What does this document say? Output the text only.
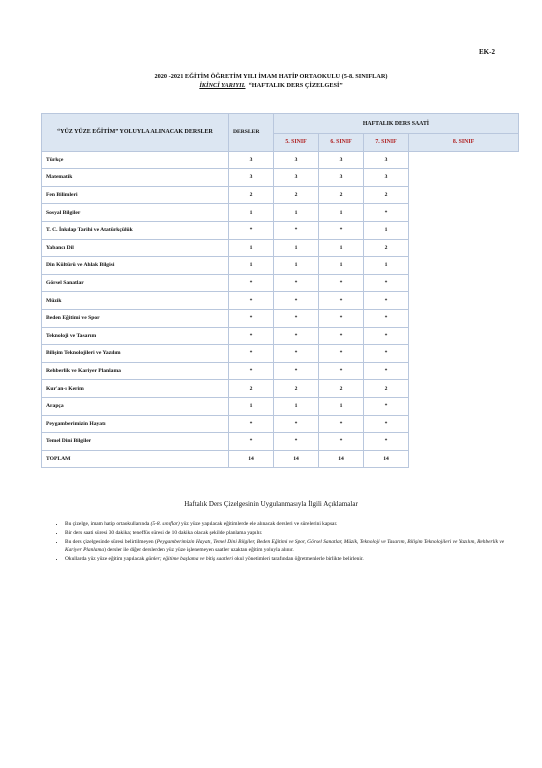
EK-2
2020 -2021 EĞİTİM ÖĞRETİM YILI İMAM HATİP ORTAOKULU (5-8. SINIFLAR)
İKİNCİ YARIYIL “HAFTALIK DERS ÇİZELGESİ”
“YÜZ YÜZE EĞİTİM” YOLUYLA ALINACAK DERSLER	DERSLER	HAFTALIK DERS SAATİ			
		5. SINIF	6. SINIF	7. SINIF	8. SINIF
Türkçe	3	3	3	3	
Matematik	3	3	3	3	
Fen Bilimleri	2	2	2	2	
Sosyal Bilgiler	1	1	1	*	
T. C. İnkılap Tarihi ve Atatürkçülük	*	*	*	1	
Yabancı Dil	1	1	1	2	
Din Kültürü ve Ahlak Bilgisi	1	1	1	1	
Görsel Sanatlar	*	*	*	*	
Müzik	*	*	*	*	
Beden Eğitimi ve Spor	*	*	*	*	
Teknoloji ve Tasarım	*	*	*	*	
Bilişim Teknolojileri ve Yazılım	*	*	*	*	
Rehberlik ve Kariyer Planlama	*	*	*	*	
Kur'an-ı Kerim	2	2	2	2	
Arapça	1	1	1	*	
Peygamberimizin Hayatı	*	*	*	*	
Temel Dini Bilgiler	*	*	*	*	
TOPLAM	14	14	14	14	
Haftalık Ders Çizelgesinin Uygulanmasıyla İlgili Açıklamalar
• Bu çizelge, imam hatip ortaokullarında (5-8. sınıflar) yüz yüze yapılacak eğitimlerde ele alınacak dersleri ve sürelerini kapsar.
• Bir ders saati süresi 30 dakika; teneffüs süresi de 10 dakika olacak şekilde planlama yapılır.
• Bu ders çizelgesinde süresi belirtilmeyen (Peygamberimizin Hayatı, Temel Dini Bilgiler, Beden Eğitimi ve Spor, Görsel Sanatlar, Müzik, Teknoloji ve Tasarım, Bilişim Teknolojileri ve Yazılım, Rehberlik ve Kariyer Planlama) dersler ile diğer derslerden yüz yüze işlenemeyen saatler uzaktan eğitim yoluyla alınır.
• Okullarda yüz yüze eğitim yapılacak günler; eğitime başlama ve bitiş saatleri okul yönetimleri tarafından öğretmenlerle birlikte belirlenir.
